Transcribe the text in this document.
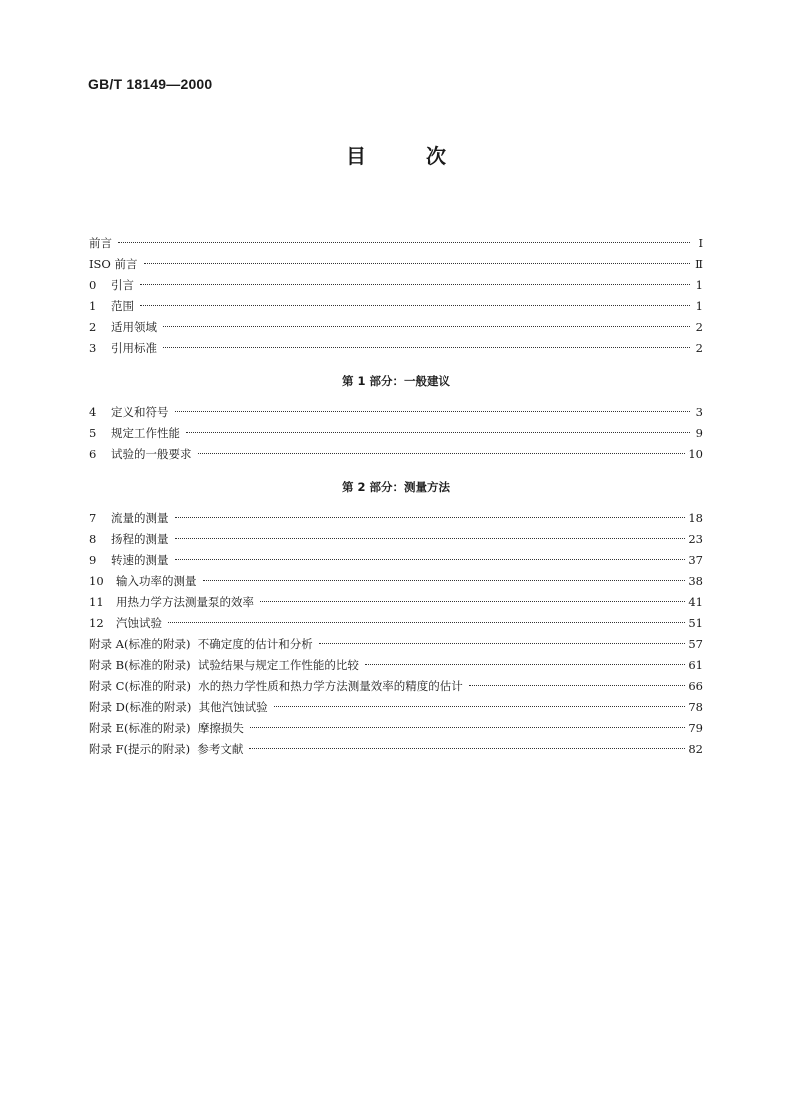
GB/T 18149—2000
目	次
前言	I
ISO 前言	Ⅱ
0	引言	1
1	范围	1
2	适用领域	2
3	引用标准	2
第 1 部分：一般建议
4	定义和符号	3
5	规定工作性能	9
6	试验的一般要求	10
第 2 部分：测量方法
7	流量的测量	18
8	扬程的测量	23
9	转速的测量	37
10	输入功率的测量	38
11	用热力学方法测量泵的效率	41
12	汽蚀试验	51
附录 A(标准的附录)  不确定度的估计和分析	57
附录 B(标准的附录)  试验结果与规定工作性能的比较	61
附录 C(标准的附录)  水的热力学性质和热力学方法测量效率的精度的估计	66
附录 D(标准的附录)  其他汽蚀试验	78
附录 E(标准的附录)  摩擦损失	79
附录 F(提示的附录)  参考文献	82
